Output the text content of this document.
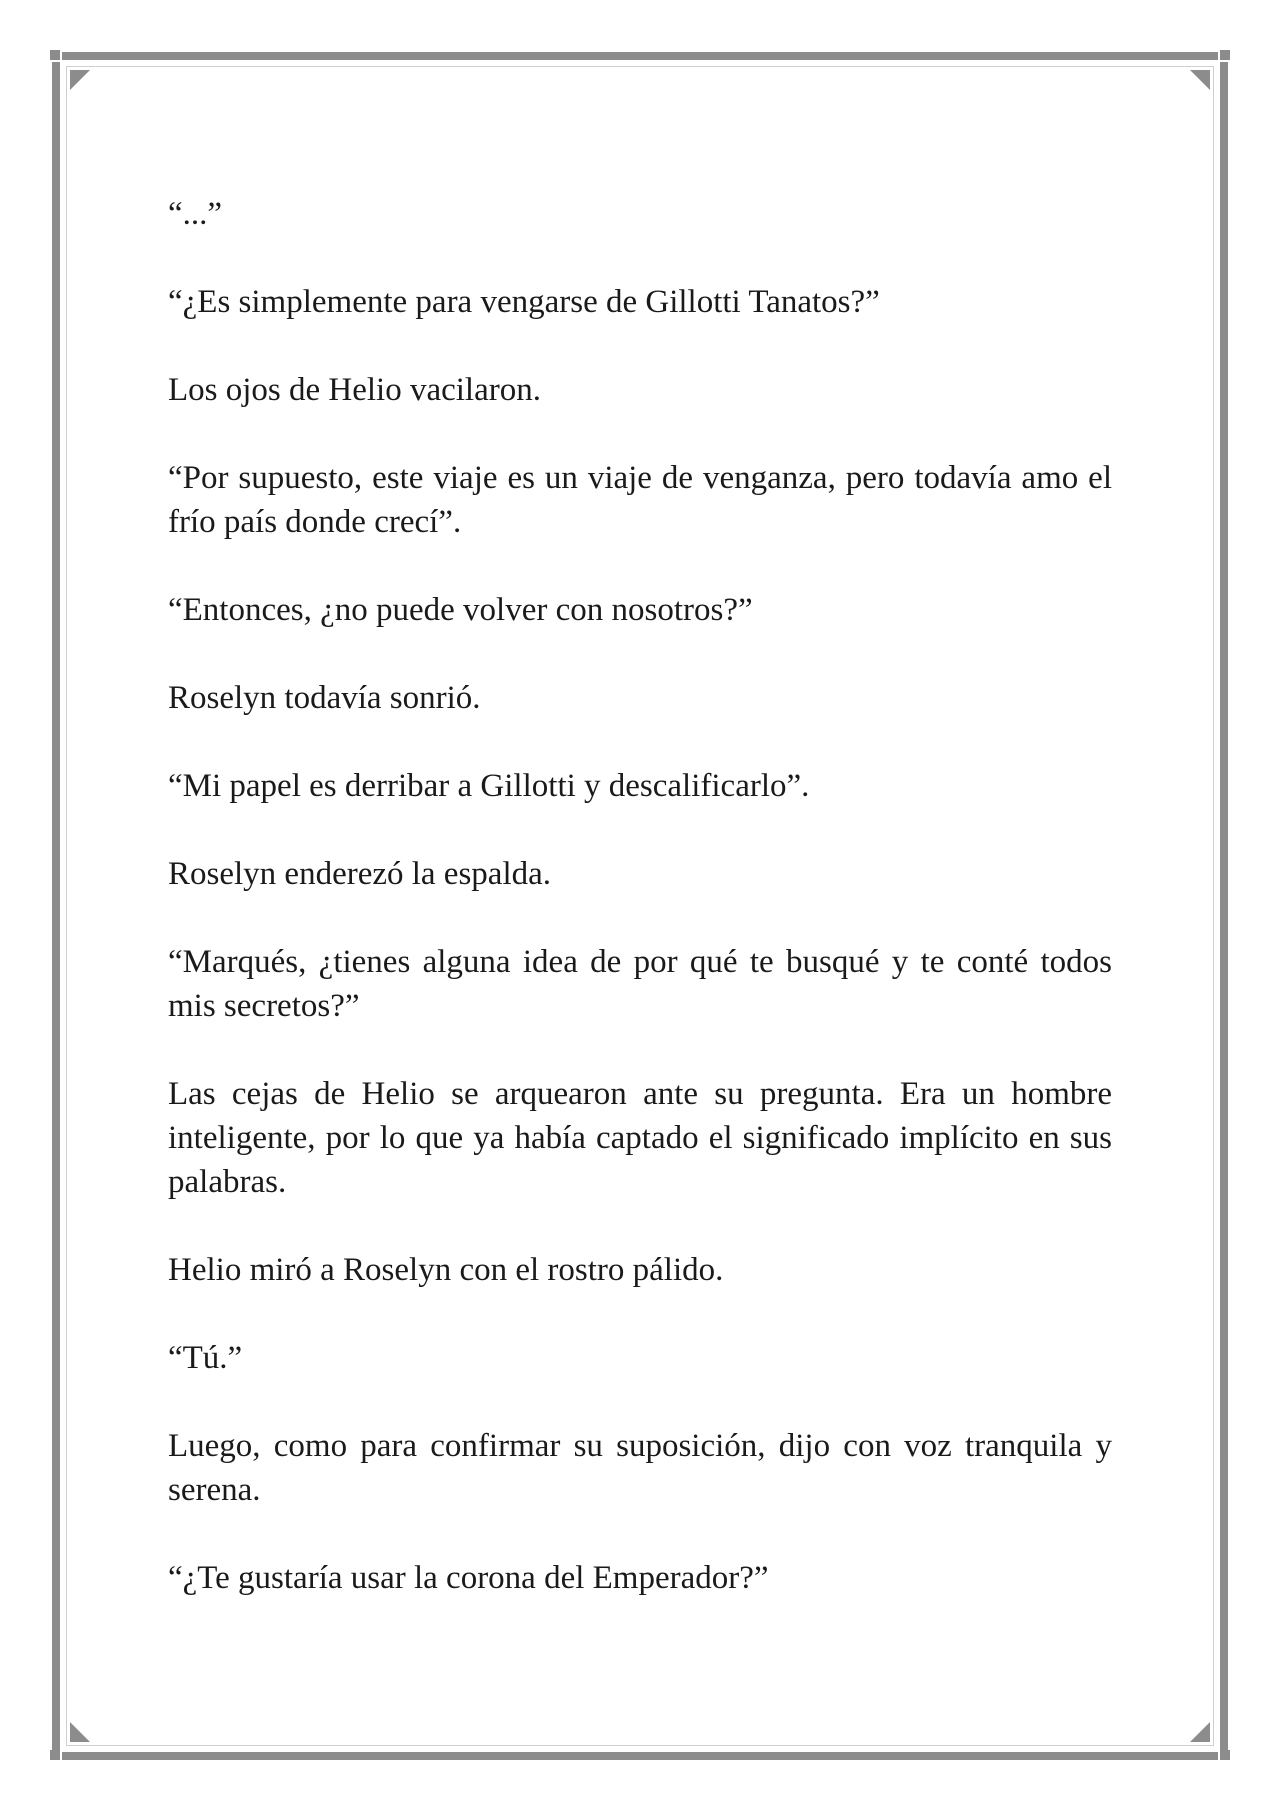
“...”

“¿Es simplemente para vengarse de Gillotti Tanatos?”

Los ojos de Helio vacilaron.

“Por supuesto, este viaje es un viaje de venganza, pero todavía amo el frío país donde crecí”.

“Entonces, ¿no puede volver con nosotros?”

Roselyn todavía sonrió.

“Mi papel es derribar a Gillotti y descalificarlo”.

Roselyn enderezó la espalda.

“Marqués, ¿tienes alguna idea de por qué te busqué y te conté todos mis secretos?”

Las cejas de Helio se arquearon ante su pregunta. Era un hombre inteligente, por lo que ya había captado el significado implícito en sus palabras.

Helio miró a Roselyn con el rostro pálido.

“Tú.”

Luego, como para confirmar su suposición, dijo con voz tranquila y serena.

“¿Te gustaría usar la corona del Emperador?”
